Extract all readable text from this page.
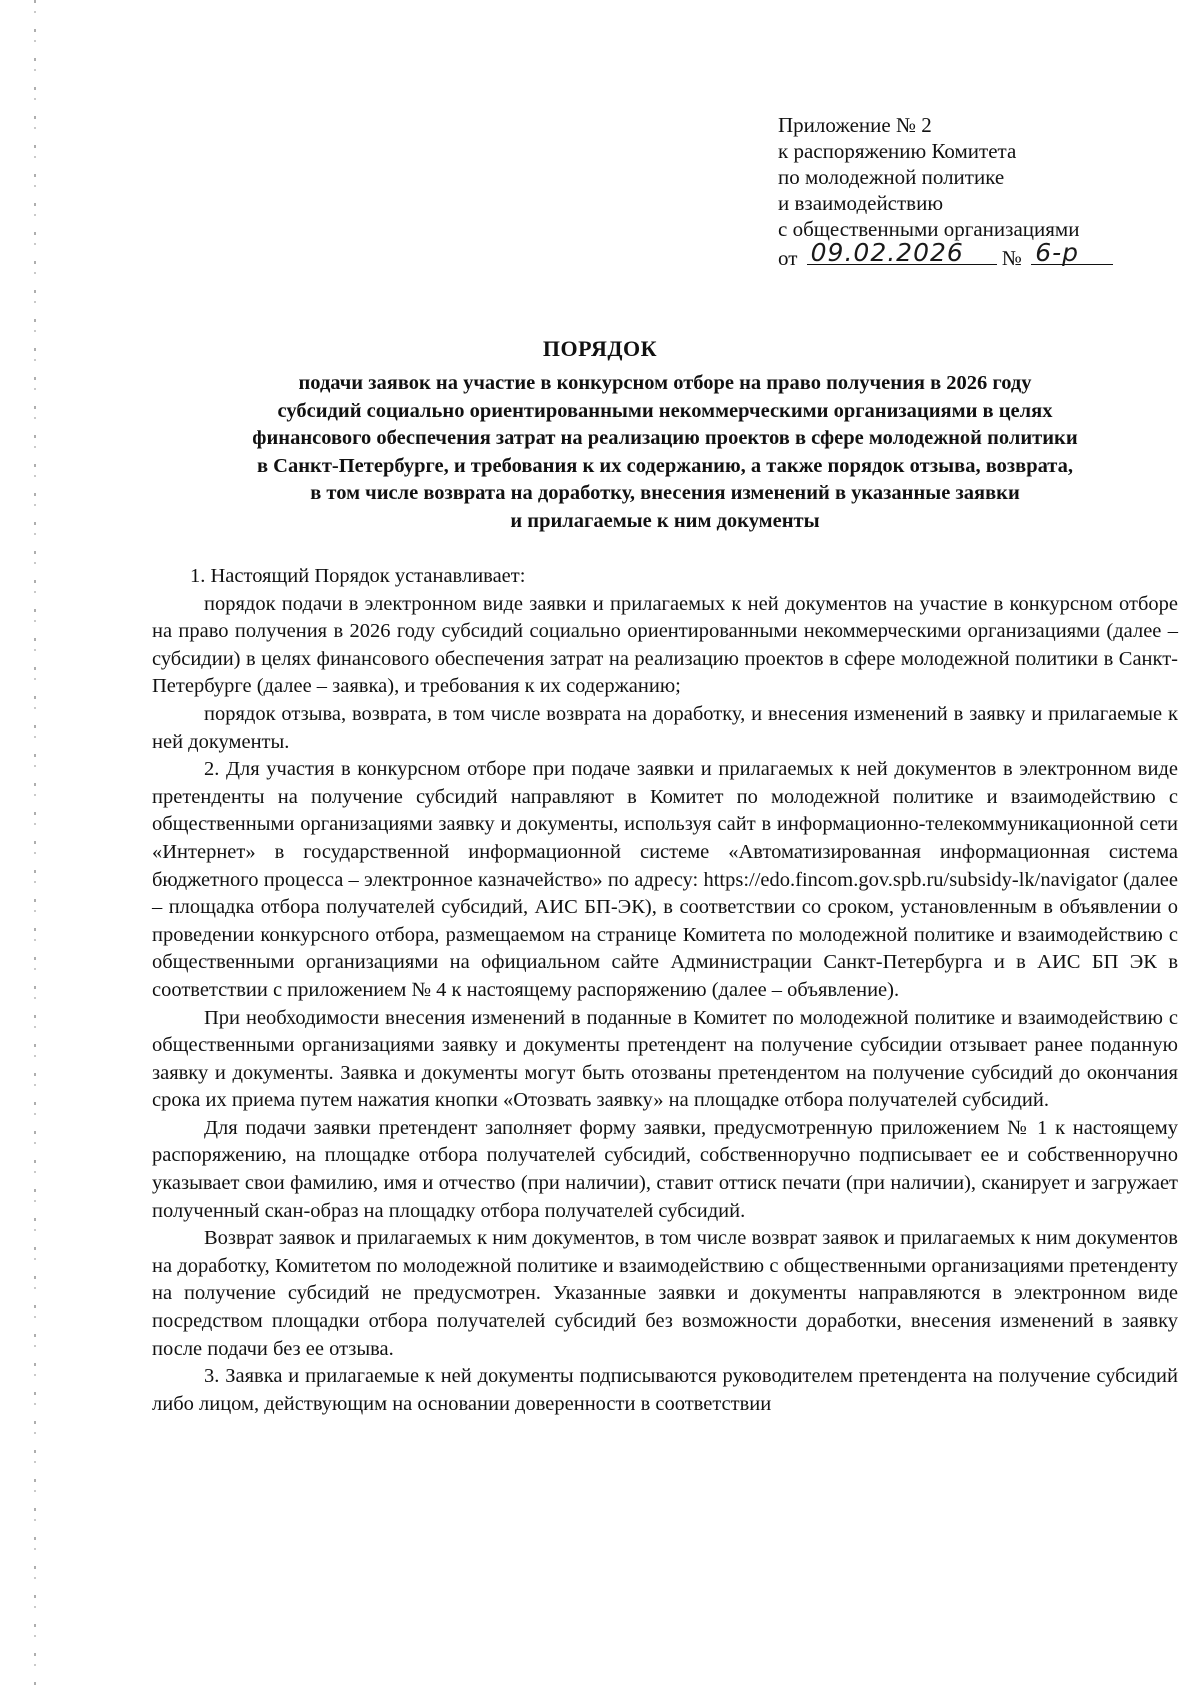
Приложение № 2
к распоряжению Комитета
по молодежной политике
и взаимодействию
с общественными организациями
от 09.02.2026 № 6-р
ПОРЯДОК
подачи заявок на участие в конкурсном отборе на право получения в 2026 году
субсидий социально ориентированными некоммерческими организациями в целях
финансового обеспечения затрат на реализацию проектов в сфере молодежной политики
в Санкт-Петербурге, и требования к их содержанию, а также порядок отзыва, возврата,
в том числе возврата на доработку, внесения изменений в указанные заявки
и прилагаемые к ним документы

1. Настоящий Порядок устанавливает:

порядок подачи в электронном виде заявки и прилагаемых к ней документов на участие в конкурсном отборе на право получения в 2026 году субсидий социально ориентированными некоммерческими организациями (далее – субсидии) в целях финансового обеспечения затрат на реализацию проектов в сфере молодежной политики в Санкт-Петербурге (далее – заявка), и требования к их содержанию;

порядок отзыва, возврата, в том числе возврата на доработку, и внесения изменений в заявку и прилагаемые к ней документы.

2. Для участия в конкурсном отборе при подаче заявки и прилагаемых к ней документов в электронном виде претенденты на получение субсидий направляют в Комитет по молодежной политике и взаимодействию с общественными организациями заявку и документы, используя сайт в информационно-телекоммуникационной сети «Интернет» в государственной информационной системе «Автоматизированная информационная система бюджетного процесса – электронное казначейство» по адресу: https://edo.fincom.gov.spb.ru/subsidy-lk/navigator (далее – площадка отбора получателей субсидий, АИС БП-ЭК), в соответствии со сроком, установленным в объявлении о проведении конкурсного отбора, размещаемом на странице Комитета по молодежной политике и взаимодействию с общественными организациями на официальном сайте Администрации Санкт-Петербурга и в АИС БП ЭК в соответствии с приложением № 4 к настоящему распоряжению (далее – объявление).

При необходимости внесения изменений в поданные в Комитет по молодежной политике и взаимодействию с общественными организациями заявку и документы претендент на получение субсидии отзывает ранее поданную заявку и документы. Заявка и документы могут быть отозваны претендентом на получение субсидий до окончания срока их приема путем нажатия кнопки «Отозвать заявку» на площадке отбора получателей субсидий.

Для подачи заявки претендент заполняет форму заявки, предусмотренную приложением № 1 к настоящему распоряжению, на площадке отбора получателей субсидий, собственноручно подписывает ее и собственноручно указывает свои фамилию, имя и отчество (при наличии), ставит оттиск печати (при наличии), сканирует и загружает полученный скан-образ на площадку отбора получателей субсидий.

Возврат заявок и прилагаемых к ним документов, в том числе возврат заявок и прилагаемых к ним документов на доработку, Комитетом по молодежной политике и взаимодействию с общественными организациями претенденту на получение субсидий не предусмотрен. Указанные заявки и документы направляются в электронном виде посредством площадки отбора получателей субсидий без возможности доработки, внесения изменений в заявку после подачи без ее отзыва.

3. Заявка и прилагаемые к ней документы подписываются руководителем претендента на получение субсидий либо лицом, действующим на основании доверенности в соответствии
